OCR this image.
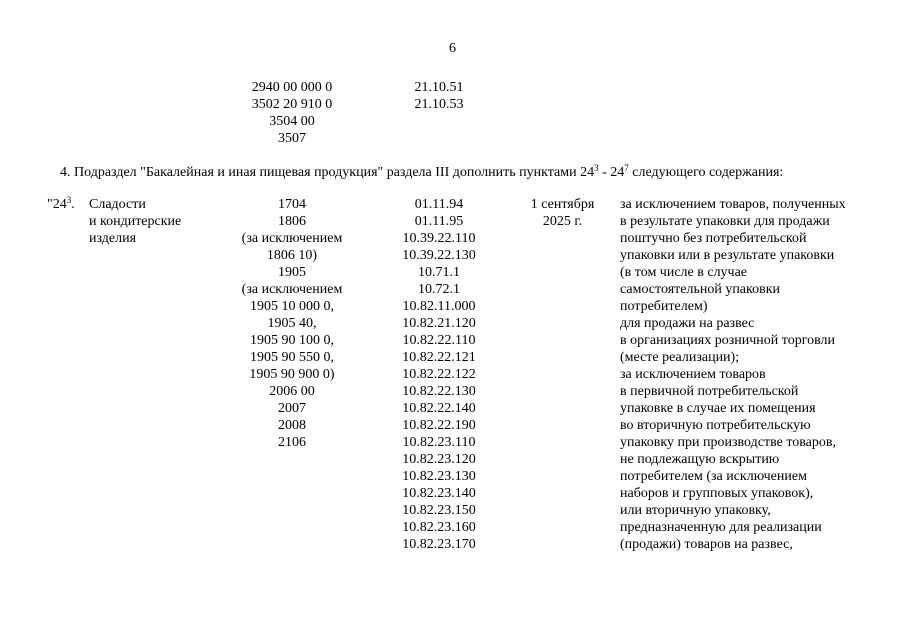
6
2940 00 000 0
3502 20 910 0
3504 00
3507
21.10.51
21.10.53
4. Подраздел "Бакалейная и иная пищевая продукция" раздела III дополнить пунктами $24^3 - 24^7$ следующего содержания:
"$24^3$. Сладости
и кондитерские
изделия
1704
1806
(за исключением
1806 10)
1905
(за исключением
1905 10 000 0,
1905 40,
1905 90 100 0,
1905 90 550 0,
1905 90 900 0)
2006 00
2007
2008
2106
01.11.94
01.11.95
10.39.22.110
10.39.22.130
10.71.1
10.72.1
10.82.11.000
10.82.21.120
10.82.22.110
10.82.22.121
10.82.22.122
10.82.22.130
10.82.22.140
10.82.22.190
10.82.23.110
10.82.23.120
10.82.23.130
10.82.23.140
10.82.23.150
10.82.23.160
10.82.23.170
1 сентября
2025 г.
за исключением товаров, полученных
в результате упаковки для продажи
поштучно без потребительской
упаковки или в результате упаковки
(в том числе в случае
самостоятельной упаковки
потребителем)
для продажи на развес
в организациях розничной торговли
(месте реализации);
за исключением товаров
в первичной потребительской
упаковке в случае их помещения
во вторичную потребительскую
упаковку при производстве товаров,
не подлежащую вскрытию
потребителем (за исключением
наборов и групповых упаковок),
или вторичную упаковку,
предназначенную для реализации
(продажи) товаров на развес,
